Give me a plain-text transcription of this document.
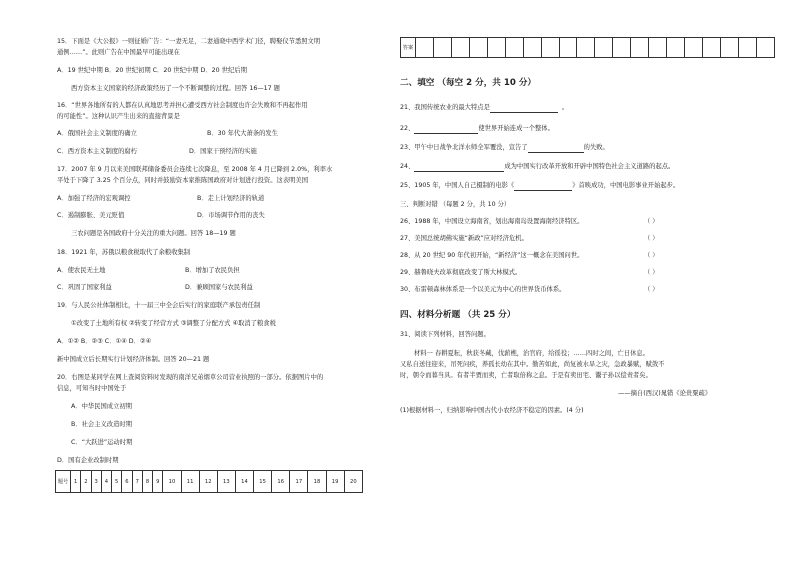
15．下面是《大公报》一则征婚广告：“一妻无足，二妻通晓中西学术门径，聘娶仪节悉照文明
通例……”。此则广告在中国最早可能出现在
A．19 世纪中期 B．20 世纪初期 C．20 世纪中期 D．20 世纪后期
西方资本主义国家的经济政策经历了一个不断调整的过程。回答 16—17 题
16．“世界各地所有的人都在认真地思考并担心遭受西方社会制度也许会失败和不再起作用
的可能性”。这种认识产生出来的直接背景是
A．俄国社会主义制度的确立	B．30 年代大萧条的发生
C．西方资本主义制度的腐朽	D．国家干预经济的实施
17．2007 年 9 月以来美国联邦储备委员会连续七次降息，至 2008 年 4 月已降到 2.0%，利率水
平处于下降了 3.25 个百分点，同时并鼓励资本家推陈国政府对计划进行投资。这表明美国
A．加强了经济的宏观调控	B．走上计划经济的轨道
C．遏制膨胀、美元贬值	D．市场调节作用的丧失
三农问题是各国政府十分关注的重大问题。回答 18—19 题
18．1921 年，苏俄以粮食税取代了余粮收集制
A．使农民无土地	B．增加了农民负担
C．巩固了国家利益	D．兼顾国家与农民利益
19．与人民公社体制相比，十一届三中全会后实行的家庭联产承包责任制
①改变了土地所有权 ②转变了经营方式 ③调整了分配方式 ④取消了粮食税
A．①② B．②③ C．①④ D．②④
新中国成立后长期实行计划经济体制。回答 20—21 题
20．右图是某同学在网上查阅资料时发现的南洋兄弟烟草公司营业执照的一部分。依据图片中的
信息，可知当时中国处于
A．中华民国成立初期
B．社会主义改造时期
C．“大跃进”运动时期
D．国有企业改制时期
题号	1	2	3	4	5	6	7	8	9	10	11	12	13	14	15	16	17	18	19	20
答案																				
二、填空 （每空 2 分，共 10 分）
21、我国传统农业的最大特点是	。
22、	使世界开始连成一个整体。
23、甲午中日战争北洋水师全军覆没，宣告了	的失败。
24、	成为中国实行改革开放和开辟中国特色社会主义道路的起点。
25、1905 年，中国人自己摄制的电影《	》首映成功，中国电影事业开始起步。
三、判断对错 （每题 2 分，共 10 分）
26、1988 年，中国设立海南省，划出海南岛设置海南经济特区。	（ ）
27、美国总统胡佛实施“新政”应对经济危机。	（ ）
28、从 20 世纪 90 年代初开始，“新经济”这一概念在美国问世。	（ ）
29、赫鲁晓夫改革彻底改变了斯大林模式。	（ ）
30、布雷顿森林体系是一个以美元为中心的世界货币体系。	（ ）
四、材料分析题 （共 25 分）
31、阅读下列材料，回答问题。
材料一 春耕夏耘，秋获冬藏，伐薪樵，治官府，给徭役；……四时之间，亡日休息。
又私自送往迎来，吊死问疾，养孤长幼在其中。勤苦如此，尚复被水旱之灾，急政暴赋，赋敛不
时，朝令而暮当具。有者半贾而卖，亡者取倍称之息。于是有卖田宅、鬻子孙以偿责者矣。
——摘自(西汉)晁错《论贵粟疏》
(1)根据材料一，归纳影响中国古代小农经济不稳定的因素。(4 分)
